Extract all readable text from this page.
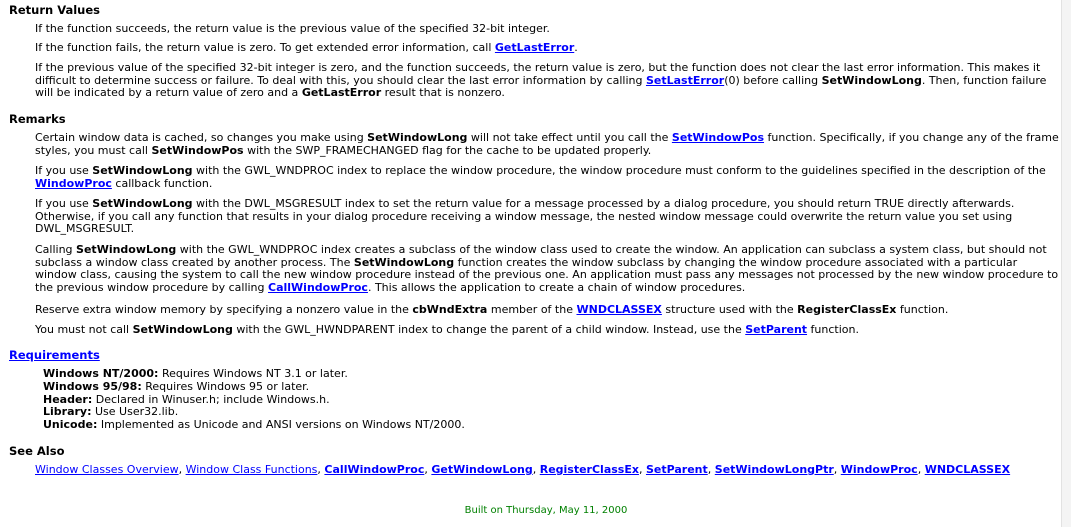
Return Values

If the function succeeds, the return value is the previous value of the specified 32-bit integer.

If the function fails, the return value is zero. To get extended error information, call GetLastError.

If the previous value of the specified 32-bit integer is zero, and the function succeeds, the return value is zero, but the function does not clear the last error information. This makes it difficult to determine success or failure. To deal with this, you should clear the last error information by calling SetLastError(0) before calling SetWindowLong. Then, function failure will be indicated by a return value of zero and a GetLastError result that is nonzero.

Remarks

Certain window data is cached, so changes you make using SetWindowLong will not take effect until you call the SetWindowPos function. Specifically, if you change any of the frame styles, you must call SetWindowPos with the SWP_FRAMECHANGED flag for the cache to be updated properly.

If you use SetWindowLong with the GWL_WNDPROC index to replace the window procedure, the window procedure must conform to the guidelines specified in the description of the WindowProc callback function.

If you use SetWindowLong with the DWL_MSGRESULT index to set the return value for a message processed by a dialog procedure, you should return TRUE directly afterwards. Otherwise, if you call any function that results in your dialog procedure receiving a window message, the nested window message could overwrite the return value you set using DWL_MSGRESULT.

Calling SetWindowLong with the GWL_WNDPROC index creates a subclass of the window class used to create the window. An application can subclass a system class, but should not subclass a window class created by another process. The SetWindowLong function creates the window subclass by changing the window procedure associated with a particular window class, causing the system to call the new window procedure instead of the previous one. An application must pass any messages not processed by the new window procedure to the previous window procedure by calling CallWindowProc. This allows the application to create a chain of window procedures.

Reserve extra window memory by specifying a nonzero value in the cbWndExtra member of the WNDCLASSEX structure used with the RegisterClassEx function.

You must not call SetWindowLong with the GWL_HWNDPARENT index to change the parent of a child window. Instead, use the SetParent function.

Requirements
Windows NT/2000: Requires Windows NT 3.1 or later.
Windows 95/98: Requires Windows 95 or later.
Header: Declared in Winuser.h; include Windows.h.
Library: Use User32.lib.
Unicode: Implemented as Unicode and ANSI versions on Windows NT/2000.
See Also

Window Classes Overview, Window Class Functions, CallWindowProc, GetWindowLong, RegisterClassEx, SetParent, SetWindowLongPtr, WindowProc, WNDCLASSEX

Built on Thursday, May 11, 2000
